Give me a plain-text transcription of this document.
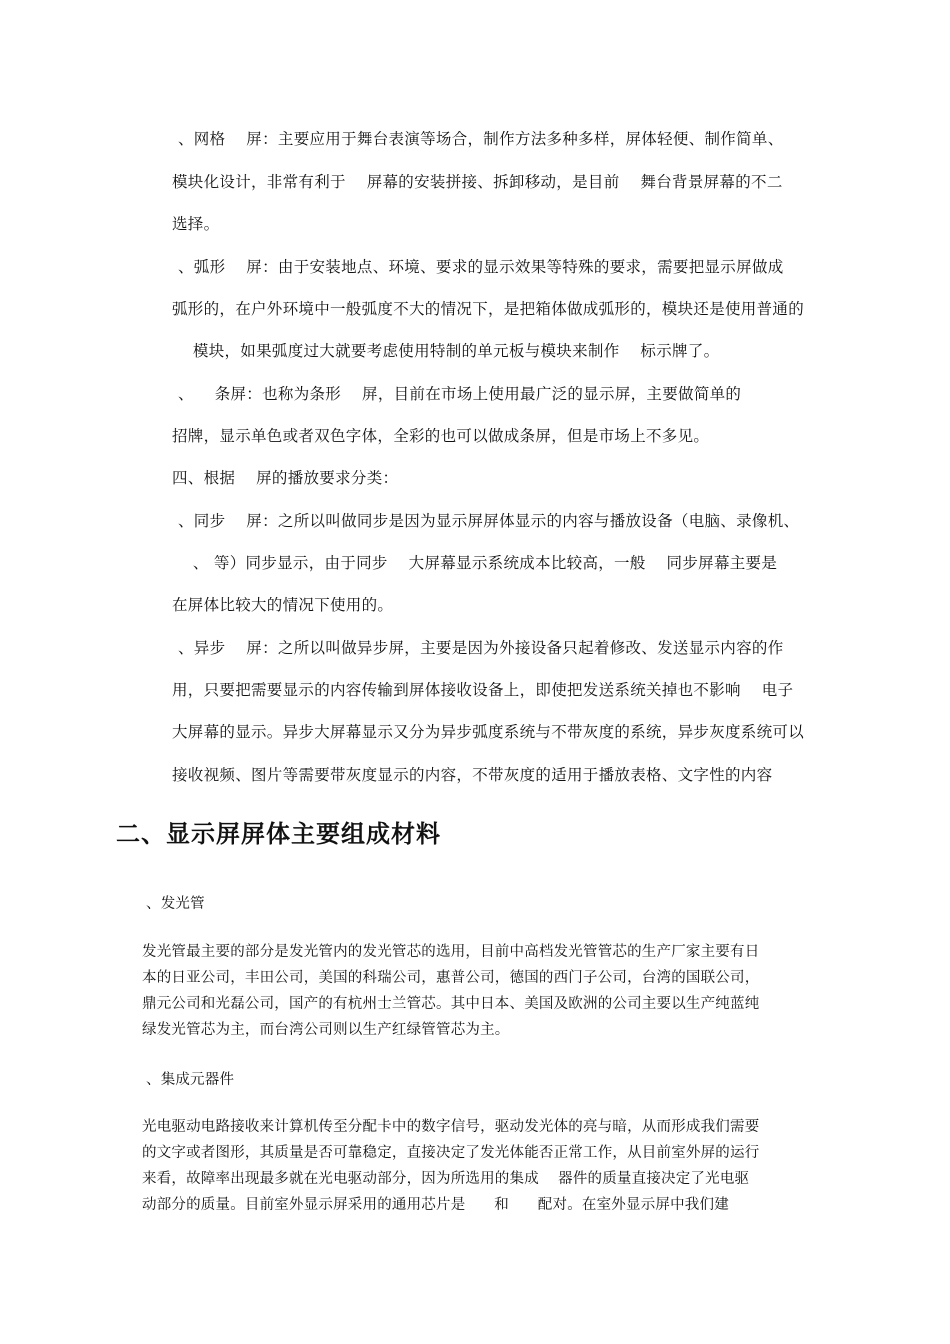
、网格    屏：主要应用于舞台表演等场合，制作方法多种多样，屏体轻便、制作简单、

模块化设计，非常有利于    屏幕的安装拼接、拆卸移动，是目前    舞台背景屏幕的不二

选择。

、弧形    屏：由于安装地点、环境、要求的显示效果等特殊的要求，需要把显示屏做成

弧形的，在户外环境中一般弧度不大的情况下，是把箱体做成弧形的，模块还是使用普通的

模块，如果弧度过大就要考虑使用特制的单元板与模块来制作    标示牌了。

、    条屏：也称为条形    屏，目前在市场上使用最广泛的显示屏，主要做简单的

招牌，显示单色或者双色字体，全彩的也可以做成条屏，但是市场上不多见。

四、根据    屏的播放要求分类：

、同步    屏：之所以叫做同步是因为显示屏屏体显示的内容与播放设备（电脑、录像机、

、 等）同步显示，由于同步    大屏幕显示系统成本比较高，一般    同步屏幕主要是

在屏体比较大的情况下使用的。

、异步    屏：之所以叫做异步屏，主要是因为外接设备只起着修改、发送显示内容的作

用，只要把需要显示的内容传输到屏体接收设备上，即使把发送系统关掉也不影响    电子

大屏幕的显示。异步大屏幕显示又分为异步弧度系统与不带灰度的系统，异步灰度系统可以

接收视频、图片等需要带灰度显示的内容，不带灰度的适用于播放表格、文字性的内容

二、显示屏屏体主要组成材料

、发光管

发光管最主要的部分是发光管内的发光管芯的选用，目前中高档发光管管芯的生产厂家主要有日

本的日亚公司，丰田公司，美国的科瑞公司，惠普公司，德国的西门子公司，台湾的国联公司，

鼎元公司和光磊公司，国产的有杭州士兰管芯。其中日本、美国及欧洲的公司主要以生产纯蓝纯

绿发光管芯为主，而台湾公司则以生产红绿管管芯为主。

、集成元器件

光电驱动电路接收来计算机传至分配卡中的数字信号，驱动发光体的亮与暗，从而形成我们需要

的文字或者图形，其质量是否可靠稳定，直接决定了发光体能否正常工作，从目前室外屏的运行

来看，故障率出现最多就在光电驱动部分，因为所选用的集成    器件的质量直接决定了光电驱

动部分的质量。目前室外显示屏采用的通用芯片是      和      配对。在室外显示屏中我们建
